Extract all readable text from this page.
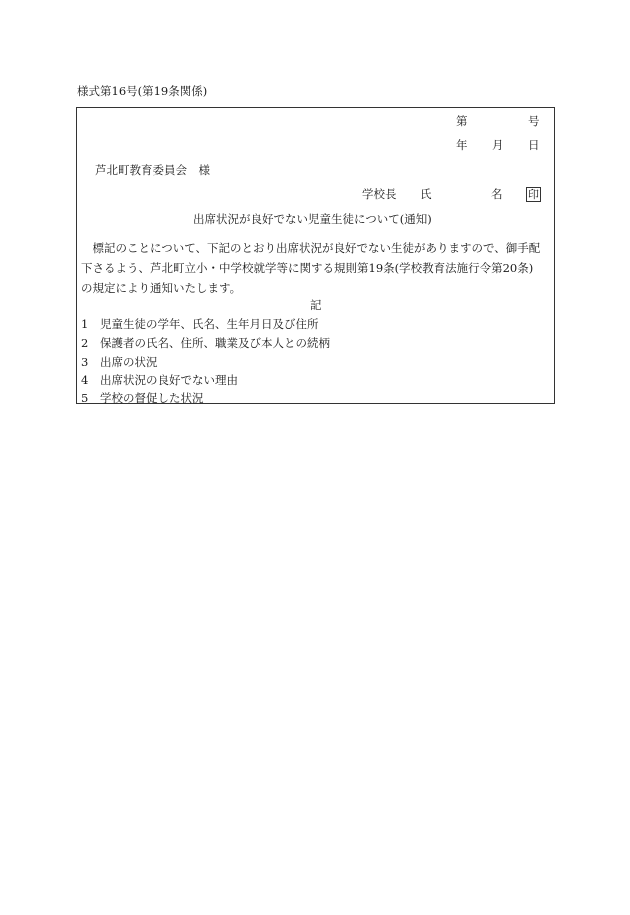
様式第16号(第19条関係)
第	号
年 月 日
芦北町教育委員会　様
学校長 氏	名 印
出席状況が良好でない児童生徒について(通知)
　標記のことについて、下記のとおり出席状況が良好でない生徒がありますので、御手配
下さるよう、芦北町立小・中学校就学等に関する規則第19条(学校教育法施行令第20条)
の規定により通知いたします。
記
1 児童生徒の学年、氏名、生年月日及び住所
2 保護者の氏名、住所、職業及び本人との続柄
3 出席の状況
4 出席状況の良好でない理由
5 学校の督促した状況
